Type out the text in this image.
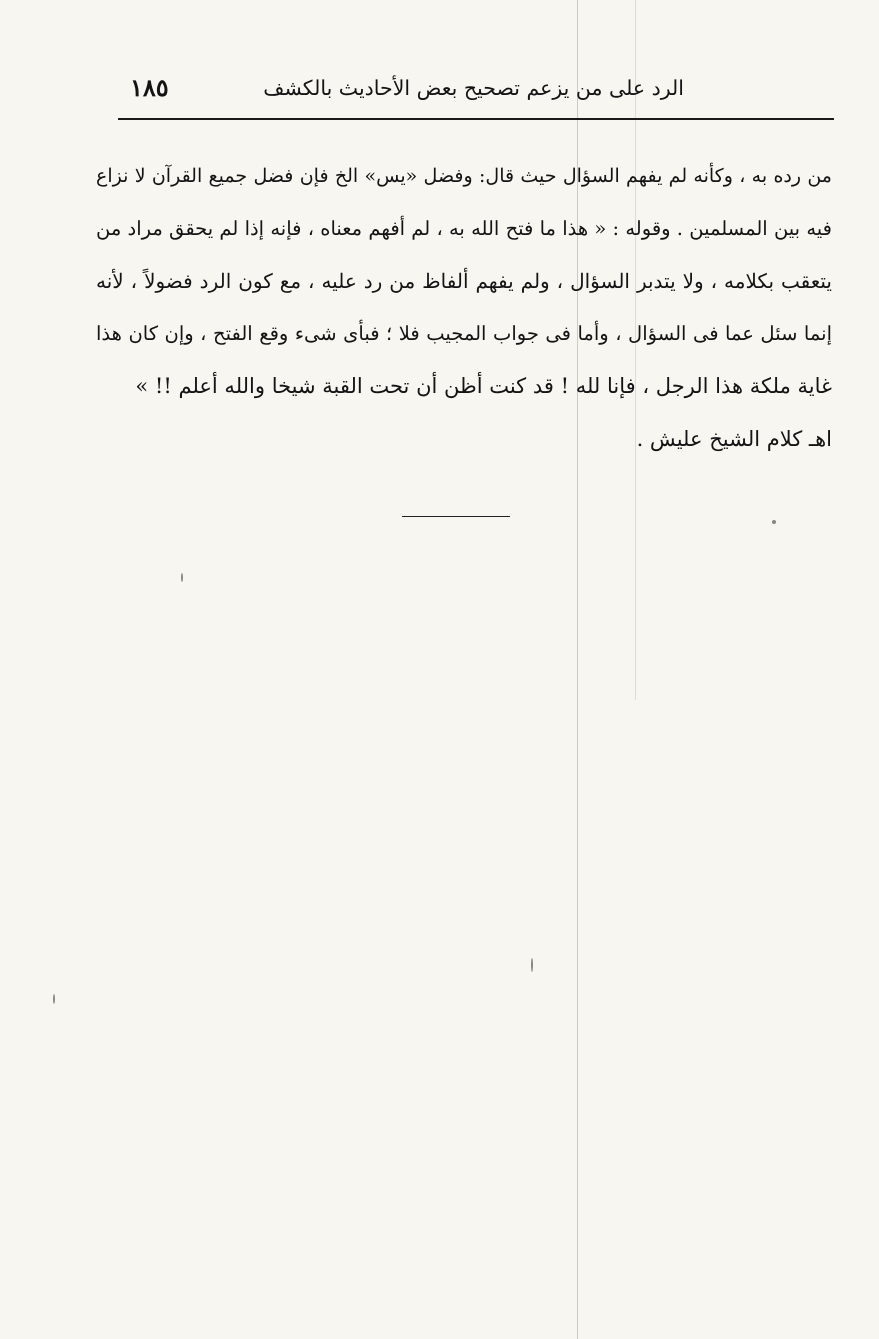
الرد على من يزعم تصحيح بعض الأحاديث بالكشف
١٨٥
من رده به ، وكأنه لم يفهم السؤال حيث قال: وفضل «يس» الخ فإن فضل جميع القرآن لا نزاع
فيه بين المسلمين . وقوله : « هذا ما فتح الله به ، لم أفهم معناه ، فإنه إذا لم يحقق مراد من
يتعقب بكلامه ، ولا يتدبر السؤال ، ولم يفهم ألفاظ من رد عليه ، مع كون الرد فضولاً ، لأنه
إنما سئل عما فى السؤال ، وأما فى جواب المجيب فلا ؛ فبأى شىء وقع الفتح ، وإن كان هذا
غاية ملكة هذا الرجل ، فإنا لله ! قد كنت أظن أن تحت القبة شيخا والله أعلم !! »
اهـ كلام الشيخ عليش .
